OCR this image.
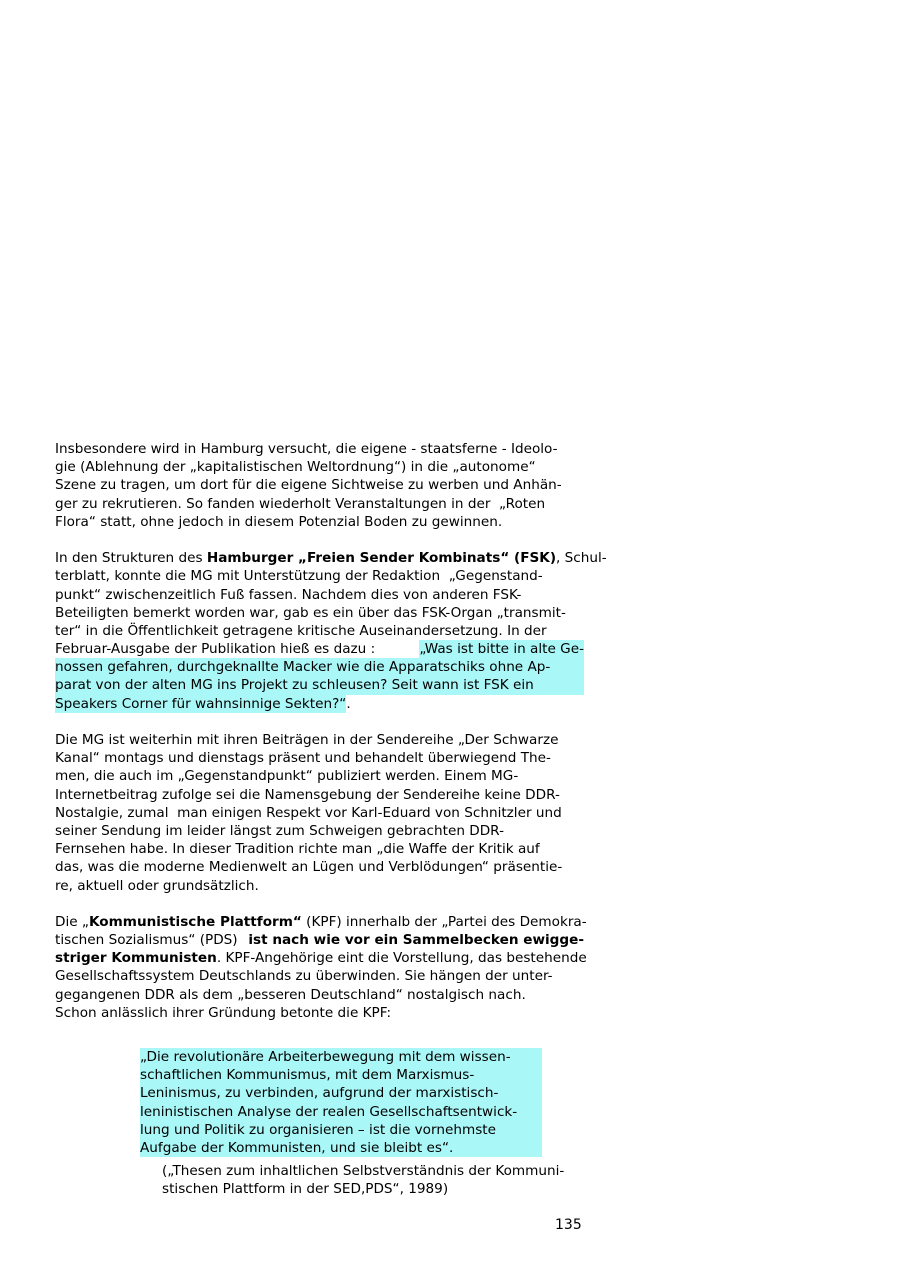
Insbesondere wird in Hamburg versucht, die eigene - staatsferne - Ideolo-
gie (Ablehnung der „kapitalistischen Weltordnung“) in die „autonome“
Szene zu tragen, um dort für die eigene Sichtweise zu werben und Anhän-
ger zu rekrutieren. So fanden wiederholt Veranstaltungen in der  „Roten
Flora“ statt, ohne jedoch in diesem Potenzial Boden zu gewinnen.
In den Strukturen des Hamburger „Freien Sender Kombinats“ (FSK) , Schul-
terblatt, konnte die MG mit Unterstützung der Redaktion  „Gegenstand-
punkt“ zwischenzeitlich Fuß fassen. Nachdem dies von anderen FSK-
Beteiligten bemerkt worden war, gab es ein über das FSK-Organ „transmit-
ter“ in die Öffentlichkeit getragene kritische Auseinandersetzung. In der
Februar-Ausgabe der Publikation hieß es dazu :	„Was ist bitte in alte Ge-
nossen gefahren, durchgeknallte Macker wie die Apparatschiks ohne Ap-
parat von der alten MG ins Projekt zu schleusen? Seit wann ist FSK ein
Speakers Corner für wahnsinnige Sekten?“ .
Die MG ist weiterhin mit ihren Beiträgen in der Sendereihe „Der Schwarze
Kanal“ montags und dienstags präsent und behandelt überwiegend The-
men, die auch im „Gegenstandpunkt“ publiziert werden. Einem MG-
Internetbeitrag zufolge sei die Namensgebung der Sendereihe keine DDR-
Nostalgie, zumal  man einigen Respekt vor Karl-Eduard von Schnitzler und
seiner Sendung im leider längst zum Schweigen gebrachten DDR-
Fernsehen habe. In dieser Tradition richte man „die Waffe der Kritik auf
das, was die moderne Medienwelt an Lügen und Verblödungen“ präsentie-
re, aktuell oder grundsätzlich.
Die „ Kommunistische Plattform“ (KPF) innerhalb der „Partei des Demokra-
tischen Sozialismus“ (PDS) ist nach wie vor ein Sammelbecken ewigge-
striger Kommunisten . KPF-Angehörige eint die Vorstellung, das bestehende
Gesellschaftssystem Deutschlands zu überwinden. Sie hängen der unter-
gegangenen DDR als dem „besseren Deutschland“ nostalgisch nach.
Schon anlässlich ihrer Gründung betonte die KPF:
„Die revolutionäre Arbeiterbewegung mit dem wissen-
schaftlichen Kommunismus, mit dem Marxismus-
Leninismus, zu verbinden, aufgrund der marxistisch-
leninistischen Analyse der realen Gesellschaftsentwick-
lung und Politik zu organisieren – ist die vornehmste
Aufgabe der Kommunisten, und sie bleibt es“.
(„Thesen zum inhaltlichen Selbstverständnis der Kommuni-
stischen Plattform in der SED,PDS“, 1989)
135
